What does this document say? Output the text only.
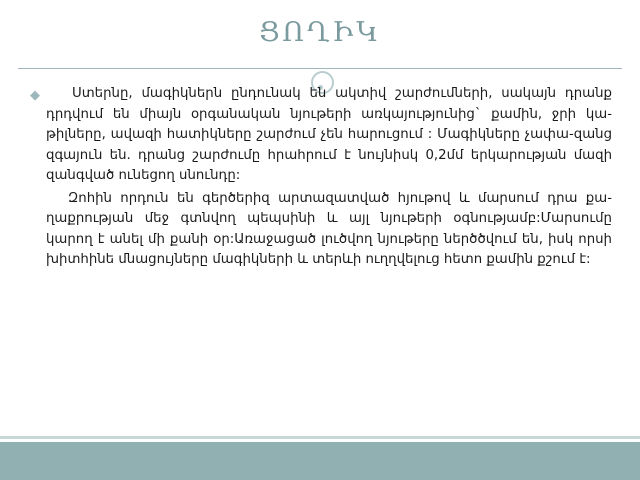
ՑՈՂԻԿ
◆	Ստերնը, մագիկներն ընդունակ են ակտիվ շարժումների, սակայն դրանք դրդվում են միայն օրգանական նյութերի առկայությունից` քամին, ջրի կա-թիլները, ավազի հատիկները շարժում չեն հարուցում : Մագիկները չափա-զանց զգայուն են. դրանց շարժումը հրահրում է նույնիսկ 0,2մմ երկարության մազի զանգված ունեցող սնունդը:
Զոհին որդուն են գերծերիզ արտազատված հյութով և մարսում դրա քա-ղաքրության մեջ գտնվող պեպսինի և այլ նյութերի օգնությամբ:Մարսումը կարող է անել մի քանի օր:Առաջացած լուծվող նյութերը ներծծվում են, իսկ որսի խիտհինե մնացույները մագիկների և տերևի ուղղվելուց հետո քամին քշում է:
